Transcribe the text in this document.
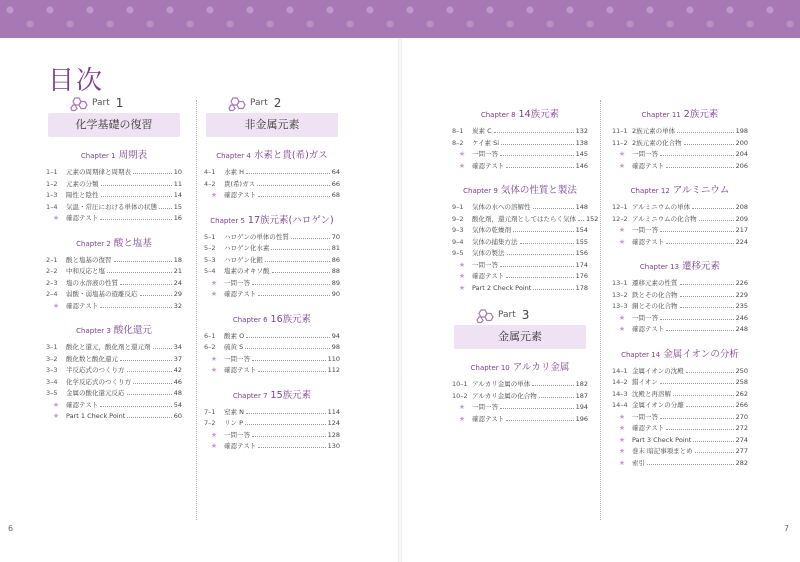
目次
Part 1
化学基礎の復習
Chapter 1 周期表
1–1	元素の周期律と周期表	10
1–2	元素の分類	11
1–3	陽性と陰性	14
1–4	気温・常圧における単体の状態	15
★	確認テスト	16
Chapter 2 酸と塩基
2–1	酸と塩基の復習	18
2–2	中和反応と塩	21
2–3	塩の水溶液の性質	24
2–4	弱酸・弱塩基の遊離反応	29
★	確認テスト	32
Chapter 3 酸化還元
3–1	酸化と還元，酸化剤と還元剤	34
3–2	酸化数と酸化還元	37
3–3	半反応式のつくり方	42
3–4	化学反応式のつくり方	46
3–5	金属の酸化還元反応	48
★	確認テスト	54
★	Part 1 Check Point	60
Part 2
非金属元素
Chapter 4 水素と貴(希)ガス
4–1	水素 H	64
4–2	貴(希)ガス	66
★	確認テスト	68
Chapter 5 17族元素(ハロゲン)
5–1	ハロゲンの単体の性質	70
5–2	ハロゲン化水素	81
5–3	ハロゲン化銀	86
5–4	塩素のオキソ酸	88
★	一問一答	89
★	確認テスト	90
Chapter 6 16族元素
6–1	酸素 O	94
6–2	硫黄 S	98
★	一問一答	110
★	確認テスト	112
Chapter 7 15族元素
7–1	窒素 N	114
7–2	リン P	124
★	一問一答	128
★	確認テスト	130
Chapter 8 14族元素
8–1	炭素 C	132
8–2	ケイ素 Si	138
★	一問一答	145
★	確認テスト	146
Chapter 9 気体の性質と製法
9–1	気体の水への溶解性	148
9–2	酸化剤，還元剤としてはたらく気体 152
9–3	気体の乾燥剤	154
9–4	気体の捕集方法	155
9–5	気体の製法	156
★	一問一答	174
★	確認テスト	176
★	Part 2 Check Point	178
Part 3
金属元素
Chapter 10 アルカリ金属
10–1 アルカリ金属の単体	182
10–2 アルカリ金属の化合物	187
★	一問一答	194
★	確認テスト	196
Chapter 11 2族元素
11–1 2族元素の単体	198
11–2 2族元素の化合物	200
★	一問一答	204
★	確認テスト	206
Chapter 12 アルミニウム
12–1 アルミニウムの単体	208
12–2 アルミニウムの化合物	209
★	一問一答	217
★	確認テスト	224
Chapter 13 遷移元素
13–1 遷移元素の性質	226
13–2 鉄とその化合物	229
13–3 銅とその化合物	235
★	一問一答	246
★	確認テスト	248
Chapter 14 金属イオンの分析
14–1 金属イオンの沈殿	250
14–2 錯イオン	258
14–3 沈殿と再溶解	262
14–4 金属イオンの分離	266
★	一問一答	270
★	確認テスト	272
★	Part 3 Check Point	274
★	巻末 暗記事項まとめ	277
★	索引	282
6	7
